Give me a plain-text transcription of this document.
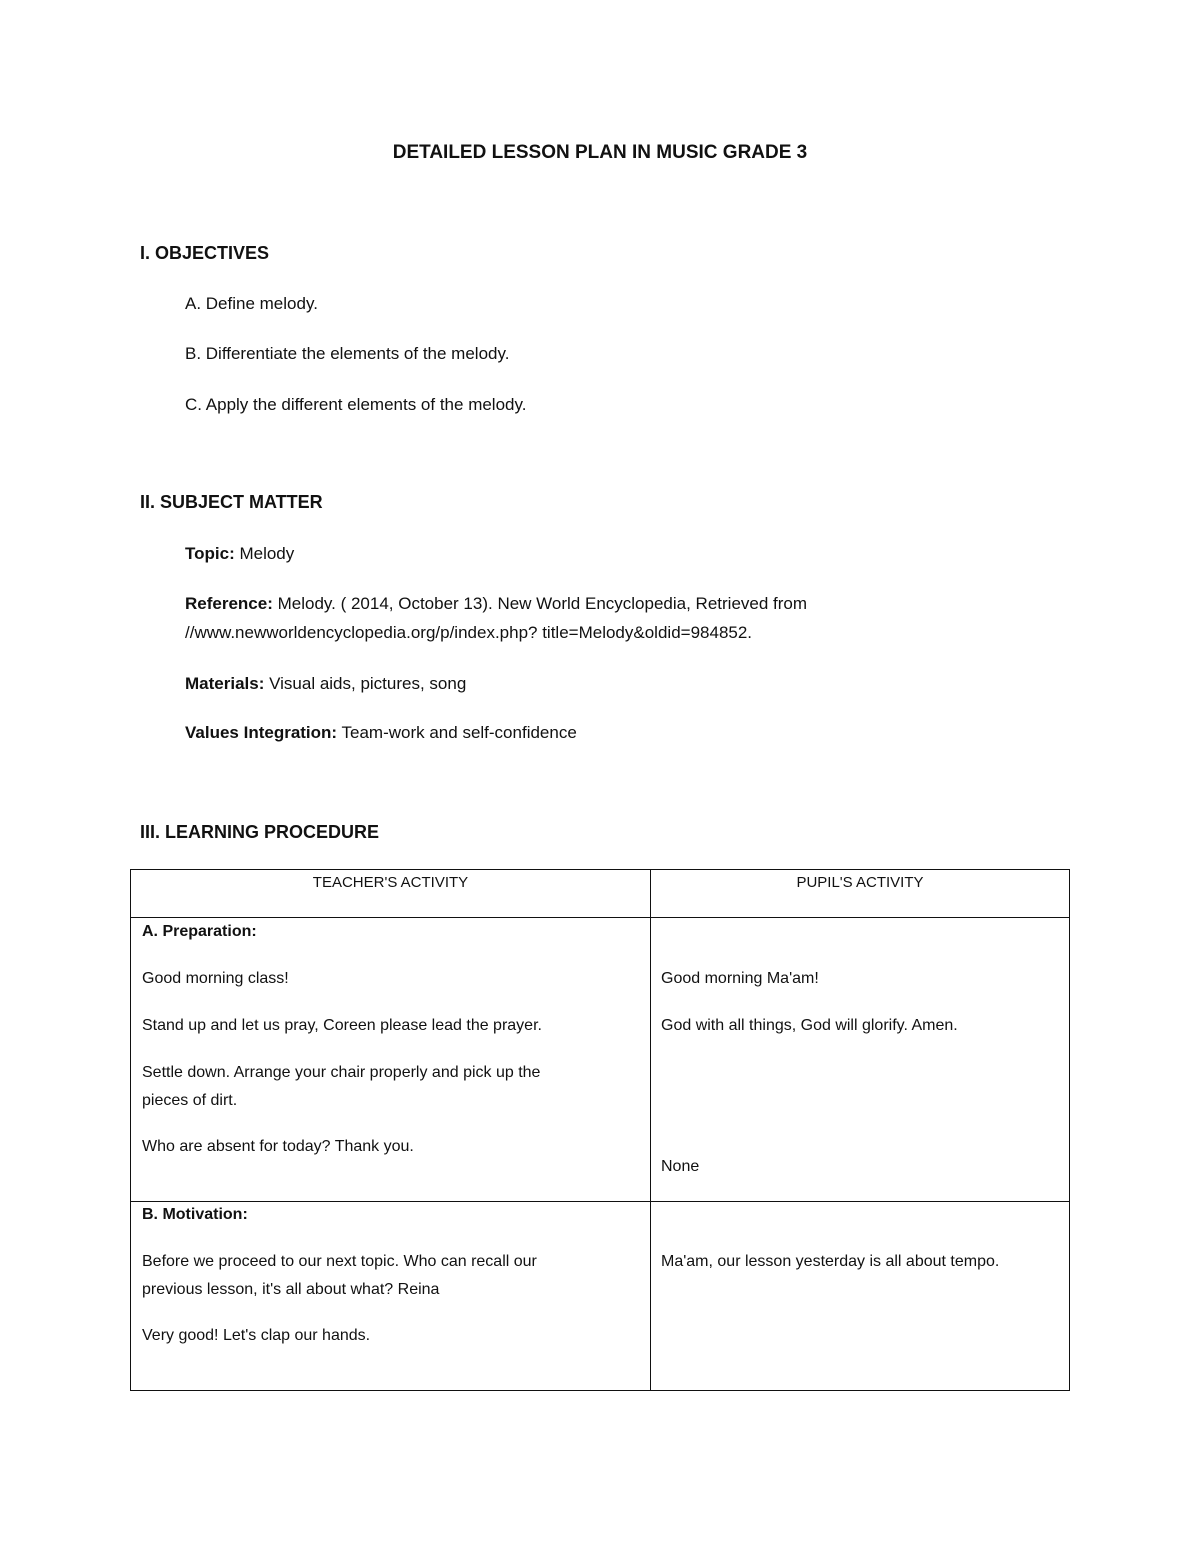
DETAILED LESSON PLAN IN MUSIC GRADE 3
I. OBJECTIVES
A. Define melody.
B. Differentiate the elements of the melody.
C. Apply the different elements of the melody.
II. SUBJECT MATTER
Topic: Melody
Reference: Melody. ( 2014, October 13). New World Encyclopedia, Retrieved from
//www.newworldencyclopedia.org/p/index.php? title=Melody&oldid=984852.
Materials: Visual aids, pictures, song
Values Integration: Team-work and self-confidence
III. LEARNING PROCEDURE
TEACHER'S ACTIVITY	PUPIL'S ACTIVITY
A. Preparation:
Good morning class!
Stand up and let us pray, Coreen please lead the prayer.
Settle down. Arrange your chair properly and pick up the
pieces of dirt.
Who are absent for today? Thank you.
Good morning Ma'am!
God with all things, God will glorify. Amen.
None
B. Motivation:
Before we proceed to our next topic. Who can recall our
previous lesson, it's all about what? Reina
Very good! Let's clap our hands.
Ma'am, our lesson yesterday is all about tempo.
